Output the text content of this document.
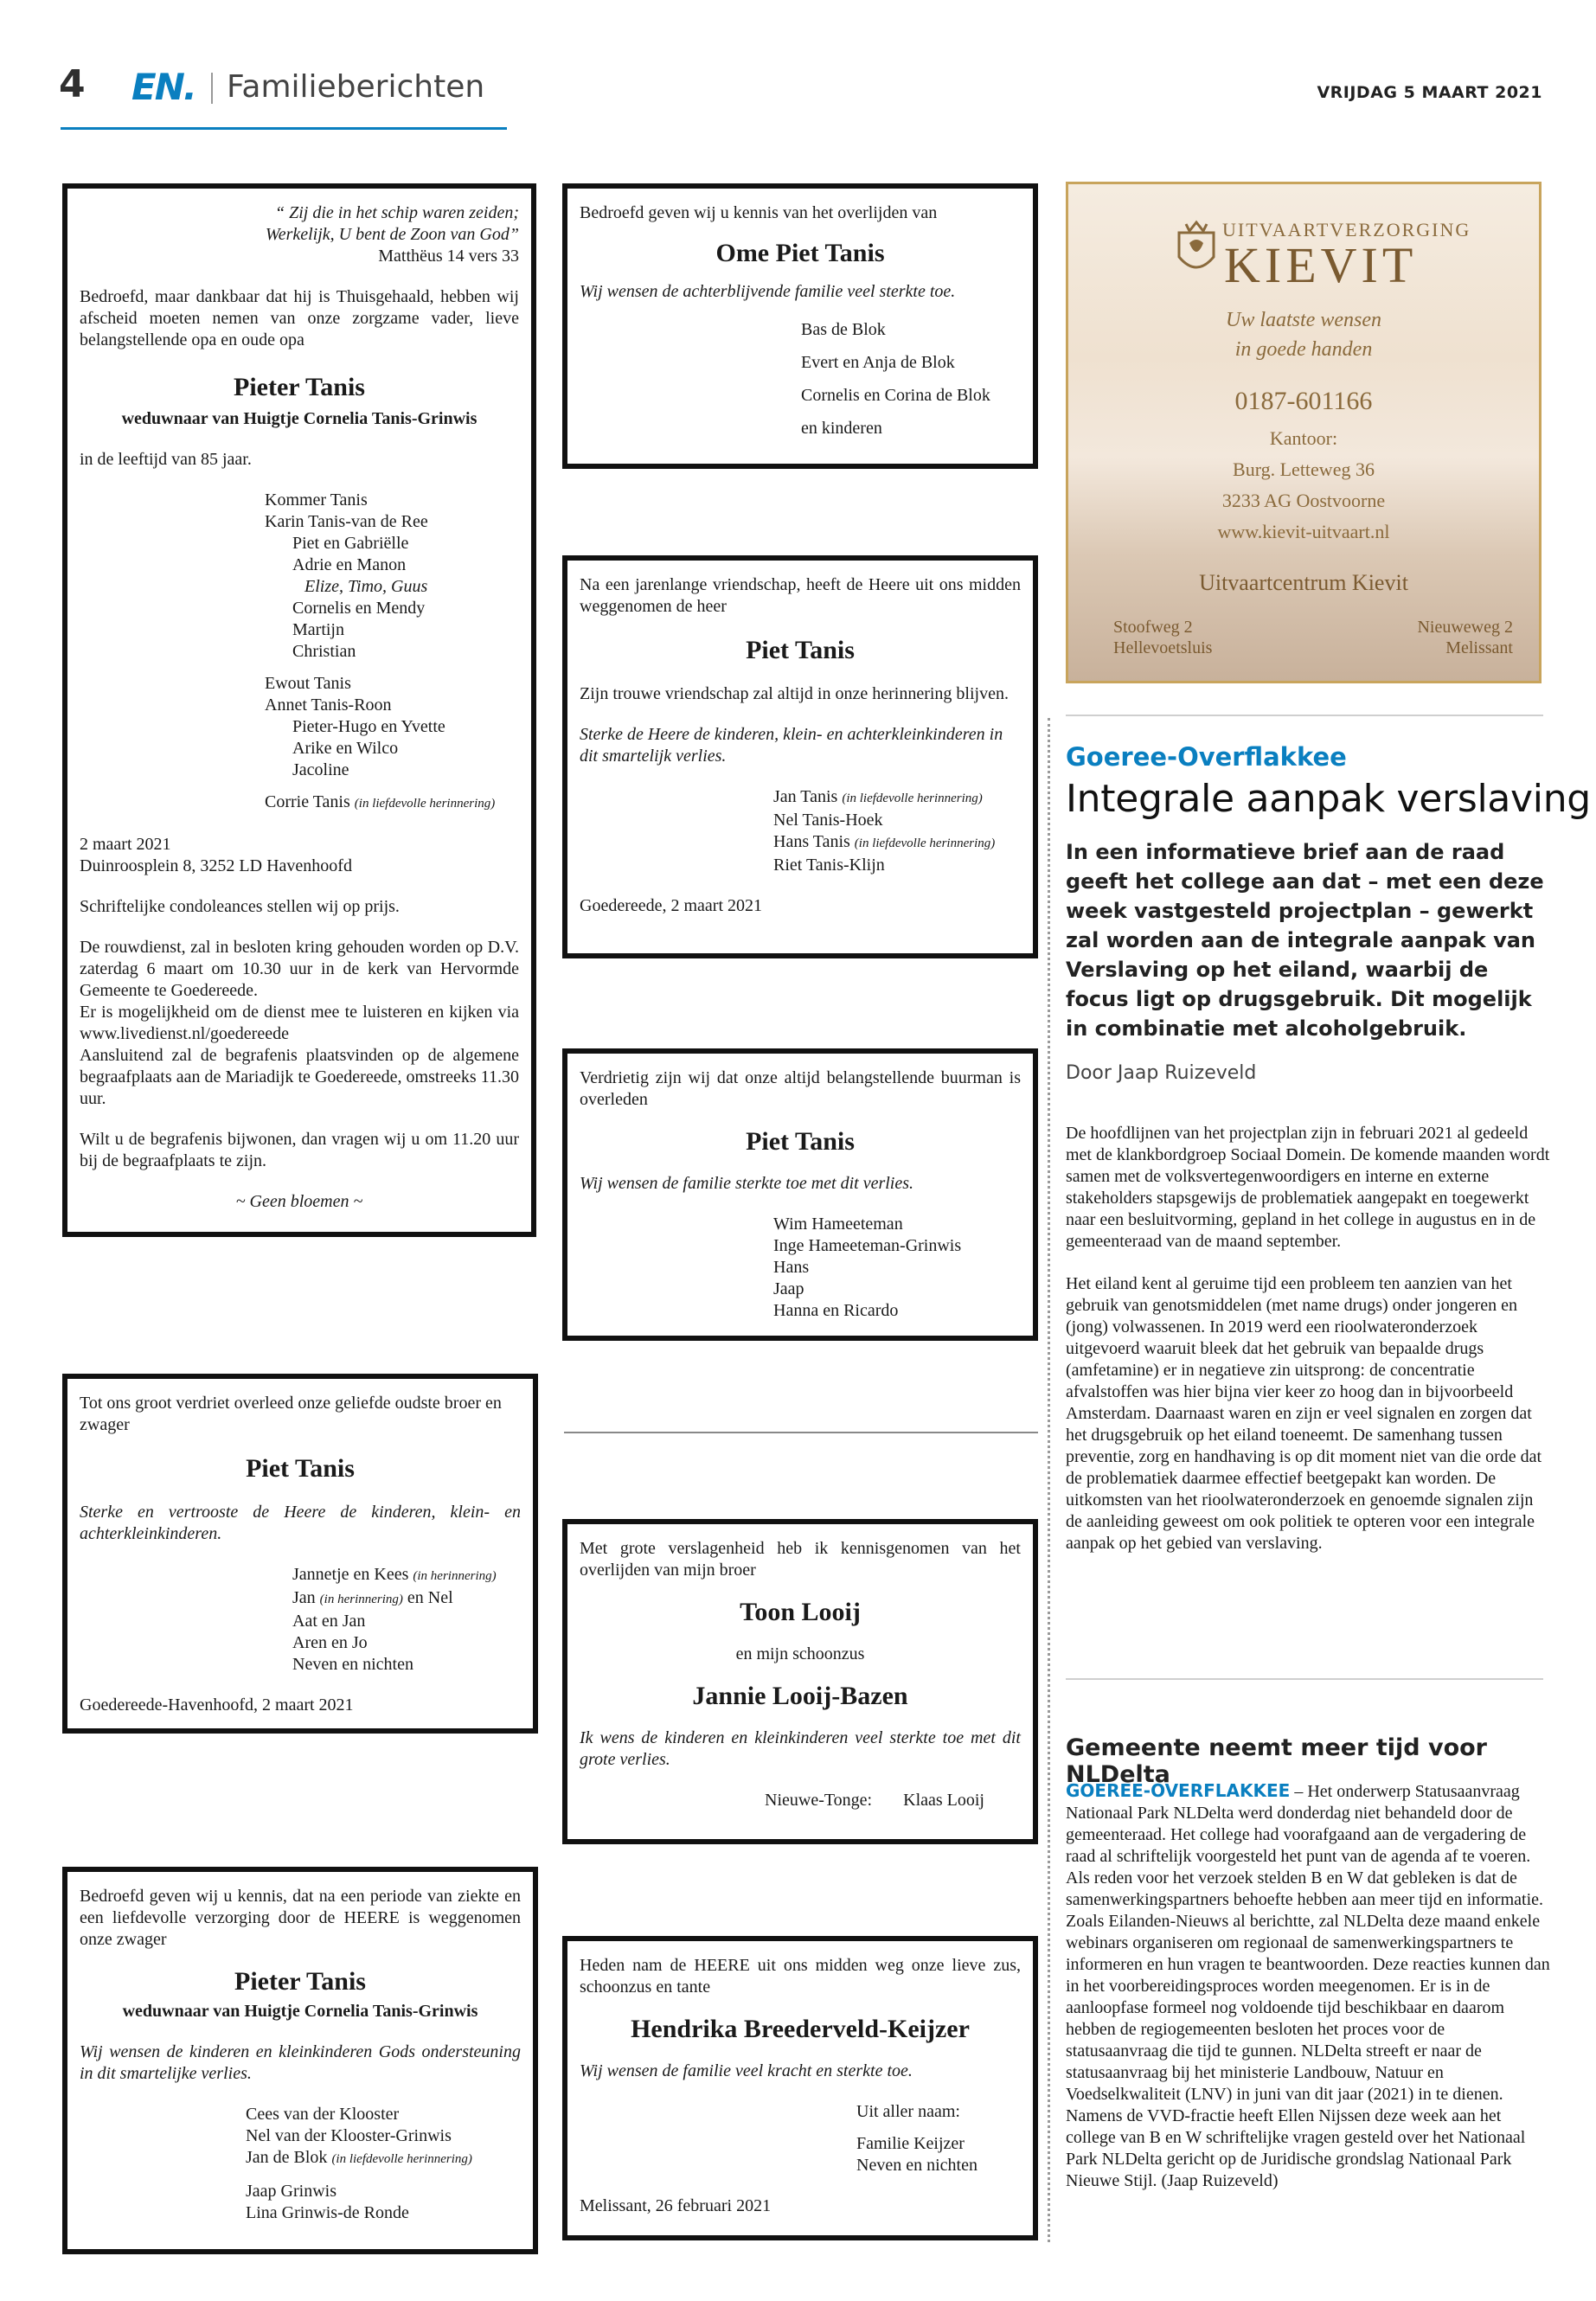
4 EN. Familieberichten	VRIJDAG 5 MAART 2021

“ Zij die in het schip waren zeiden;

Werkelijk, U bent de Zoon van God”

Matthëus 14 vers 33

Bedroefd, maar dankbaar dat hij is Thuisgehaald, hebben wij afscheid moeten nemen van onze zorgzame vader, lieve belangstellende opa en oude opa

Pieter Tanis

weduwnaar van Huigtje Cornelia Tanis-Grinwis

in de leeftijd van 85 jaar.

Kommer Tanis

Karin Tanis-van de Ree

Piet en Gabriëlle

Adrie en Manon

Elize, Timo, Guus

Cornelis en Mendy

Martijn

Christian

Ewout Tanis

Annet Tanis-Roon

Pieter-Hugo en Yvette

Arike en Wilco

Jacoline

Corrie Tanis (in liefdevolle herinnering)

2 maart 2021

Duinroosplein 8, 3252 LD Havenhoofd

Schriftelijke condoleances stellen wij op prijs.

De rouwdienst, zal in besloten kring gehouden worden op D.V. zaterdag 6 maart om 10.30 uur in de kerk van Hervormde Gemeente te Goedereede.

Er is mogelijkheid om de dienst mee te luisteren en kijken via www.livedienst.nl/goedereede

Aansluitend zal de begrafenis plaatsvinden op de algemene begraafplaats aan de Mariadijk te Goedereede, omstreeks 11.30 uur.

Wilt u de begrafenis bijwonen, dan vragen wij u om 11.20 uur bij de begraafplaats te zijn.

~ Geen bloemen ~

Bedroefd geven wij u kennis van het overlijden van

Ome Piet Tanis

Wij wensen de achterblijvende familie veel sterkte toe.

Bas de Blok

Evert en Anja de Blok

Cornelis en Corina de Blok

en kinderen

Na een jarenlange vriendschap, heeft de Heere uit ons midden weggenomen de heer

Piet Tanis

Zijn trouwe vriendschap zal altijd in onze herinnering blijven.

Sterke de Heere de kinderen, klein- en achterkleinkinderen in dit smartelijk verlies.

Jan Tanis (in liefdevolle herinnering)

Nel Tanis-Hoek

Hans Tanis (in liefdevolle herinnering)

Riet Tanis-Klijn

Goedereede, 2 maart 2021

Verdrietig zijn wij dat onze altijd belangstellende buurman is overleden

Piet Tanis

Wij wensen de familie sterkte toe met dit verlies.

Wim Hameeteman

Inge Hameeteman-Grinwis

Hans

Jaap

Hanna en Ricardo

Tot ons groot verdriet overleed onze geliefde oudste broer en zwager

Piet Tanis

Sterke en vertrooste de Heere de kinderen, klein- en achterkleinkinderen.

Jannetje en Kees (in herinnering)

Jan (in herinnering) en Nel

Aat en Jan

Aren en Jo

Neven en nichten

Goedereede-Havenhoofd, 2 maart 2021

Met grote verslagenheid heb ik kennisgenomen van het overlijden van mijn broer

Toon Looij

en mijn schoonzus

Jannie Looij-Bazen

Ik wens de kinderen en kleinkinderen veel sterkte toe met dit grote verlies.

Nieuwe-Tonge: Klaas Looij

Bedroefd geven wij u kennis, dat na een periode van ziekte en een liefdevolle verzorging door de HEERE is weggenomen onze zwager

Pieter Tanis

weduwnaar van Huigtje Cornelia Tanis-Grinwis

Wij wensen de kinderen en kleinkinderen Gods ondersteuning in dit smartelijke verlies.

Cees van der Klooster

Nel van der Klooster-Grinwis

Jan de Blok (in liefdevolle herinnering)

Jaap Grinwis

Lina Grinwis-de Ronde

Heden nam de HEERE uit ons midden weg onze lieve zus, schoonzus en tante

Hendrika Breederveld-Keijzer

Wij wensen de familie veel kracht en sterkte toe.

Uit aller naam:

Familie Keijzer

Neven en nichten

Melissant, 26 februari 2021

UITVAARTVERZORGING
KIEVIT
Uw laatste wensen
in goede handen
0187-601166
Kantoor:
Burg. Letteweg 36
3233 AG Oostvoorne
www.kievit-uitvaart.nl
Uitvaartcentrum Kievit
Stoofweg 2
Hellevoetsluis
Nieuweweg 2
Melissant
Goeree-Overflakkee
Integrale aanpak verslaving
In een informatieve brief aan de raad geeft het college aan dat – met een deze week vastgesteld projectplan – gewerkt zal worden aan de integrale aanpak van Verslaving op het eiland, waarbij de focus ligt op drugsgebruik. Dit mogelijk in combinatie met alcoholgebruik.
Door Jaap Ruizeveld

De hoofdlijnen van het projectplan zijn in februari 2021 al gedeeld met de klankbordgroep Sociaal Domein. De komende maanden wordt samen met de volksvertegenwoordigers en interne en externe stakeholders stapsgewijs de problematiek aangepakt en toegewerkt naar een besluitvorming, gepland in het college in augustus en in de gemeenteraad van de maand september.

Het eiland kent al geruime tijd een probleem ten aanzien van het gebruik van genotsmiddelen (met name drugs) onder jongeren en (jong) volwassenen. In 2019 werd een rioolwateronderzoek uitgevoerd waaruit bleek dat het gebruik van bepaalde drugs (amfetamine) er in negatieve zin uitsprong: de concentratie afvalstoffen was hier bijna vier keer zo hoog dan in bijvoorbeeld Amsterdam. Daarnaast waren en zijn er veel signalen en zorgen dat het drugsgebruik op het eiland toeneemt. De samenhang tussen preventie, zorg en handhaving is op dit moment niet van die orde dat de problematiek daarmee effectief beetgepakt kan worden. De uitkomsten van het rioolwateronderzoek en genoemde signalen zijn de aanleiding geweest om ook politiek te opteren voor een integrale aanpak op het gebied van verslaving.

Gemeente neemt meer tijd voor NLDelta

GOEREE-OVERFLAKKEE – Het onderwerp Statusaanvraag Nationaal Park NLDelta werd donderdag niet behandeld door de gemeenteraad. Het college had voorafgaand aan de vergadering de raad al schriftelijk voorgesteld het punt van de agenda af te voeren. Als reden voor het verzoek stelden B en W dat gebleken is dat de samenwerkingspartners behoefte hebben aan meer tijd en informatie. Zoals Eilanden-Nieuws al berichtte, zal NLDelta deze maand enkele webinars organiseren om regionaal de samenwerkingspartners te informeren en hun vragen te beantwoorden. Deze reacties kunnen dan in het voorbereidingsproces worden meegenomen. Er is in de aanloopfase formeel nog voldoende tijd beschikbaar en daarom hebben de regiogemeenten besloten het proces voor de statusaanvraag die tijd te gunnen. NLDelta streeft er naar de statusaanvraag bij het ministerie Landbouw, Natuur en Voedselkwaliteit (LNV) in juni van dit jaar (2021) in te dienen. Namens de VVD-fractie heeft Ellen Nijssen deze week aan het college van B en W schriftelijke vragen gesteld over het Nationaal Park NLDelta gericht op de Juridische grondslag Nationaal Park Nieuwe Stijl. (Jaap Ruizeveld)
